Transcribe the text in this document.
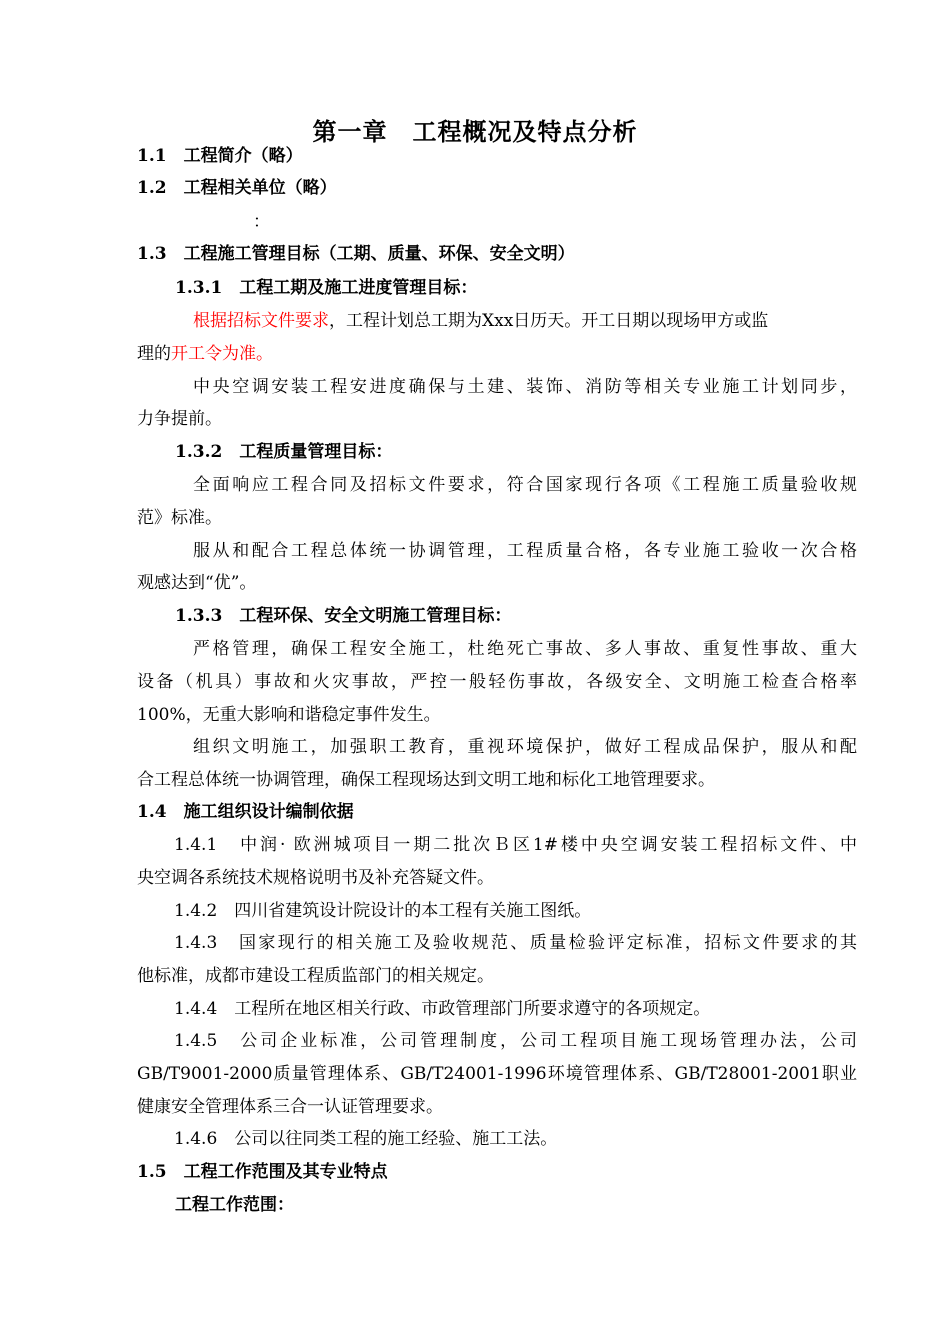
第一章　工程概况及特点分析
1.1　工程简介（略）
1.2　工程相关单位（略）
：
1.3　工程施工管理目标（工期、质量、环保、安全文明）
1.3.1　工程工期及施工进度管理目标：
根据招标文件要求，工程计划总工期为Xxx日历天。开工日期以现场甲方或监
理的开工令为准。
中央空调安装工程安进度确保与土建、装饰、消防等相关专业施工计划同步，
力争提前。
1.3.2　工程质量管理目标：
全面响应工程合同及招标文件要求，符合国家现行各项《工程施工质量验收规
范》标准。
服从和配合工程总体统一协调管理，工程质量合格，各专业施工验收一次合格
观感达到“优”。
1.3.3　工程环保、安全文明施工管理目标：
严格管理，确保工程安全施工，杜绝死亡事故、多人事故、重复性事故、重大
设备（机具）事故和火灾事故，严控一般轻伤事故，各级安全、文明施工检查合格率
100%，无重大影响和谐稳定事件发生。
组织文明施工，加强职工教育，重视环境保护，做好工程成品保护，服从和配
合工程总体统一协调管理，确保工程现场达到文明工地和标化工地管理要求。
1.4　施工组织设计编制依据
1.4.1　中润· 欧洲城项目一期二批次Ｂ区1#楼中央空调安装工程招标文件、中
央空调各系统技术规格说明书及补充答疑文件。
1.4.2　四川省建筑设计院设计的本工程有关施工图纸。
1.4.3　国家现行的相关施工及验收规范、质量检验评定标准，招标文件要求的其
他标准，成都市建设工程质监部门的相关规定。
1.4.4　工程所在地区相关行政、市政管理部门所要求遵守的各项规定。
1.4.5　公司企业标准，公司管理制度，公司工程项目施工现场管理办法，公司
GB/T9001-2000质量管理体系、GB/T24001-1996环境管理体系、GB/T28001-2001职业
健康安全管理体系三合一认证管理要求。
1.4.6　公司以往同类工程的施工经验、施工工法。
1.5　工程工作范围及其专业特点
工程工作范围：
